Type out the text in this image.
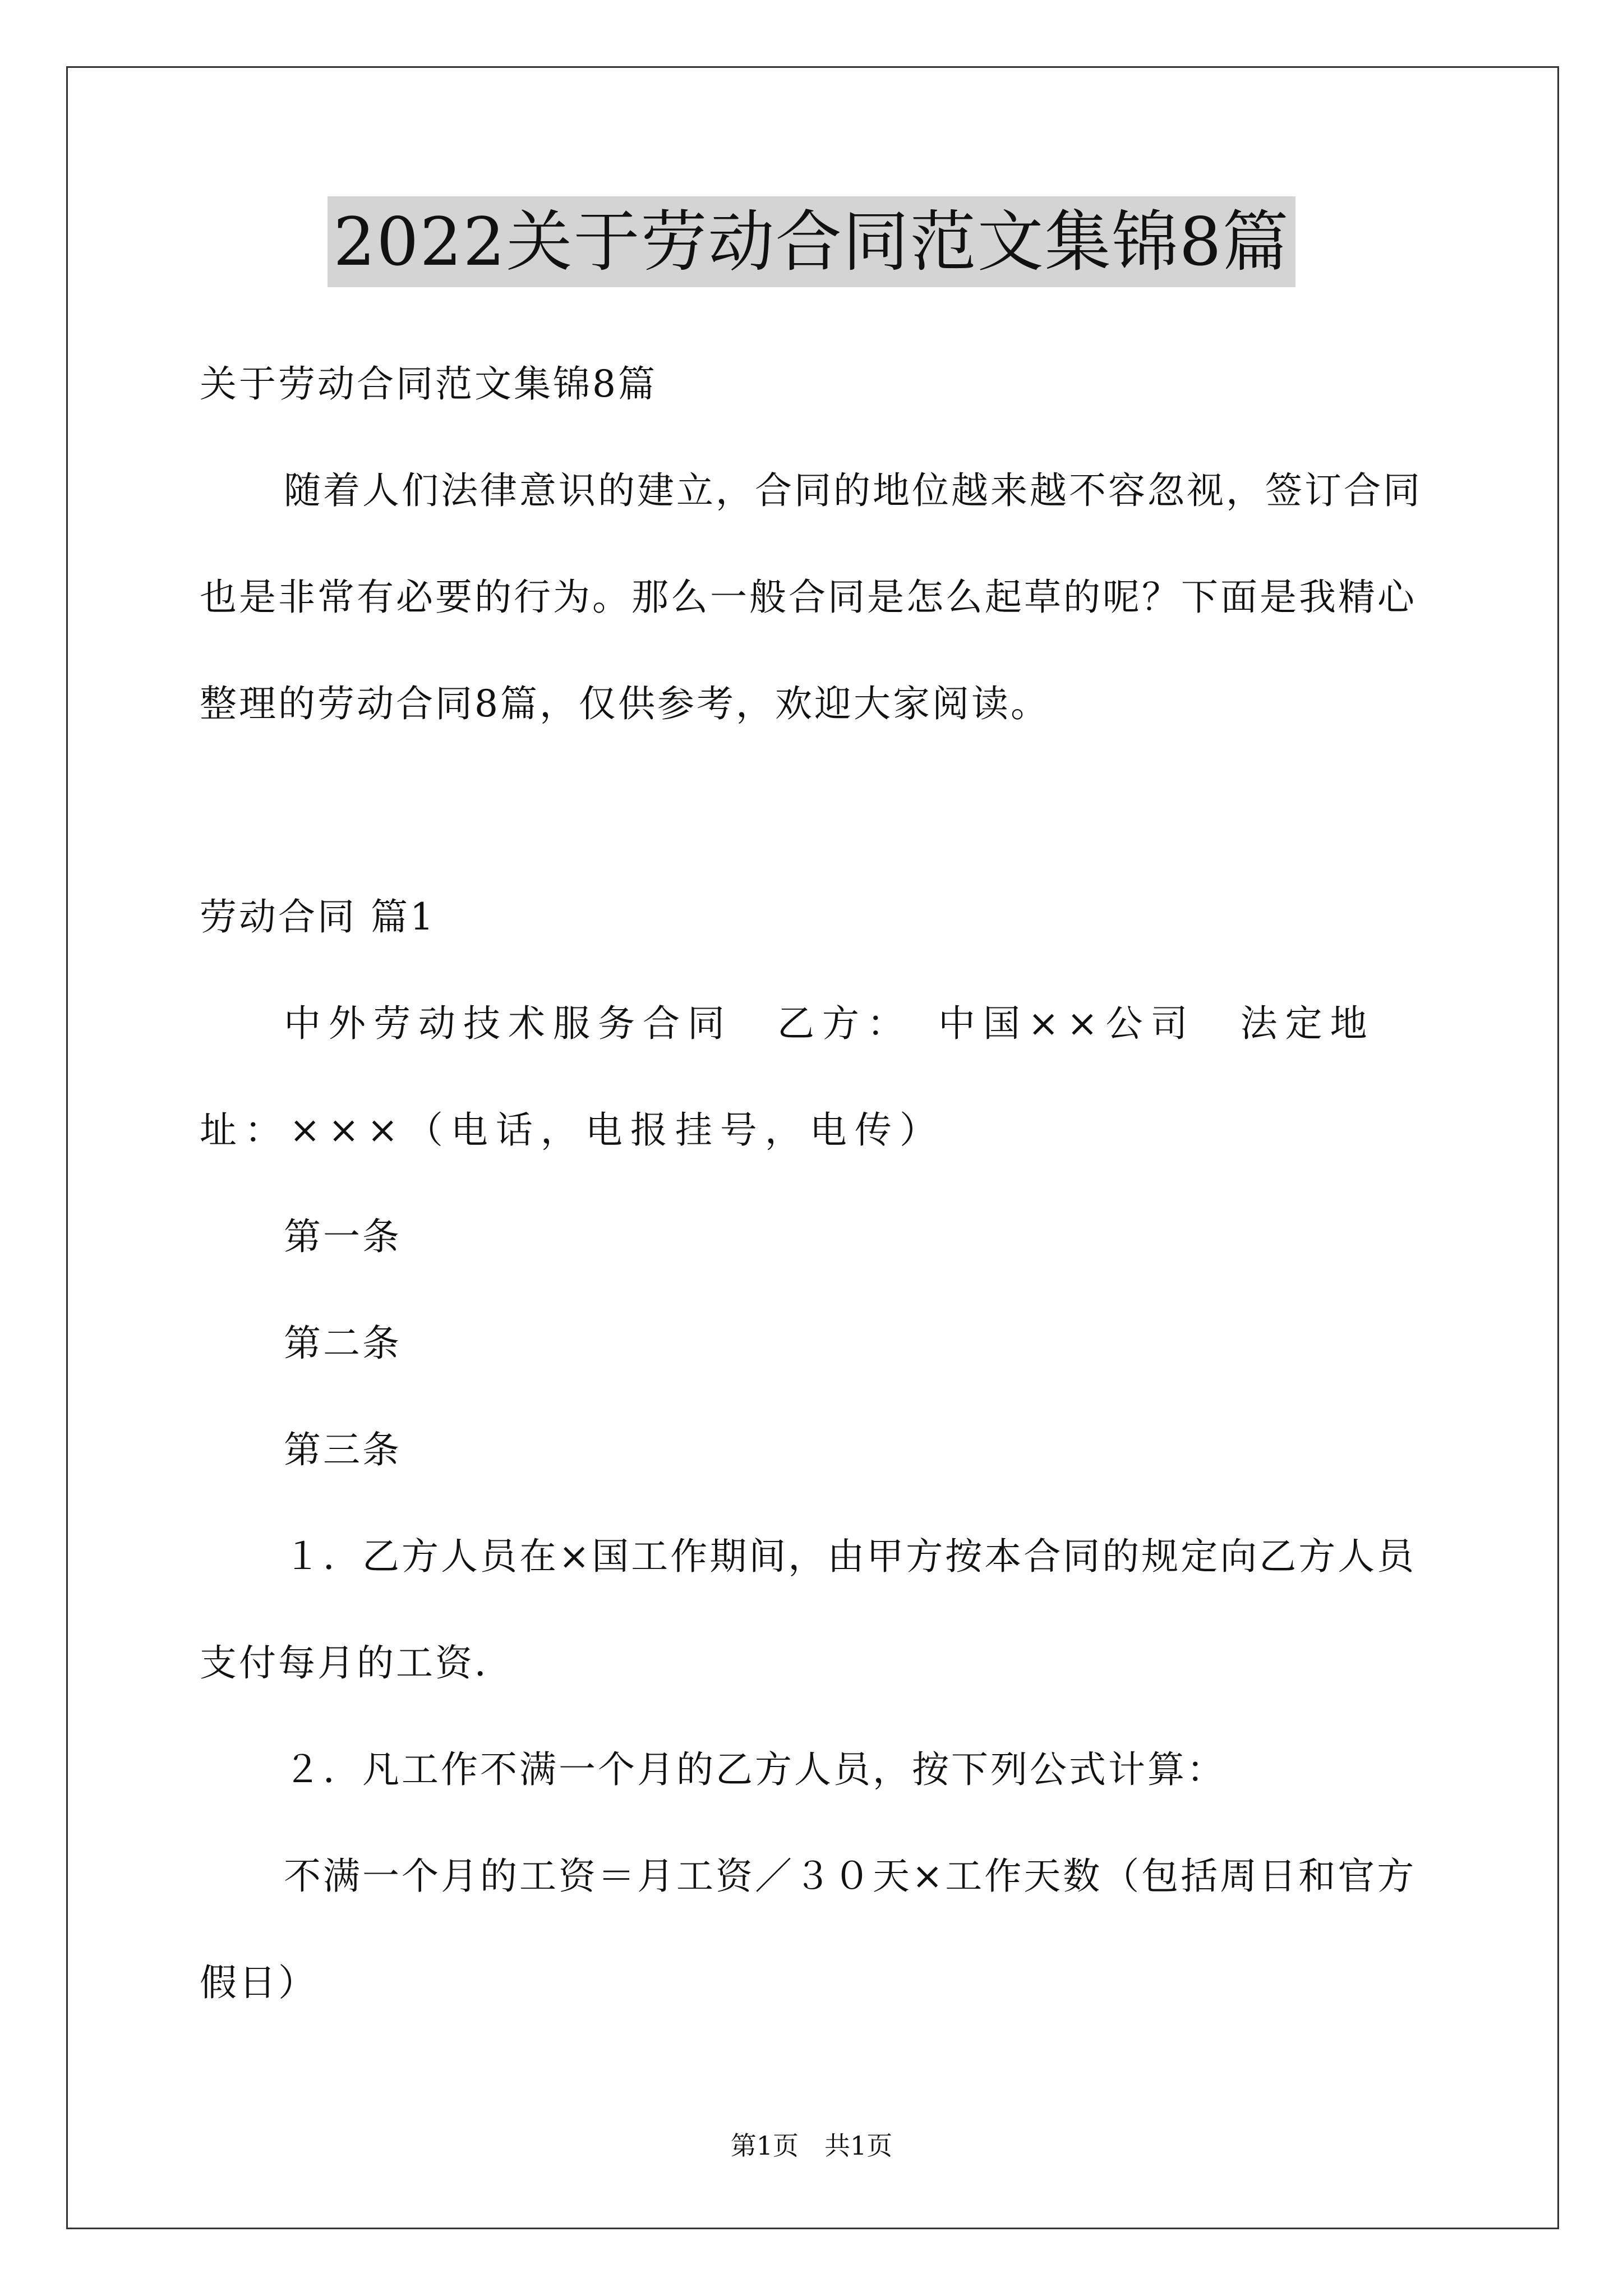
2022关于劳动合同范文集锦8篇

关于劳动合同范文集锦8篇

随着人们法律意识的建立，合同的地位越来越不容忽视，签订合同也是非常有必要的行为。那么一般合同是怎么起草的呢？下面是我精心整理的劳动合同8篇，仅供参考，欢迎大家阅读。

劳动合同 篇1

中外劳动技术服务合同　乙方：　中国××公司　法定地址：×××（电话，电报挂号，电传）

第一条

第二条

第三条

１．乙方人员在×国工作期间，由甲方按本合同的规定向乙方人员支付每月的工资．

２．凡工作不满一个月的乙方人员，按下列公式计算：

不满一个月的工资＝月工资／３０天×工作天数（包括周日和官方假日）

第1页　共1页
